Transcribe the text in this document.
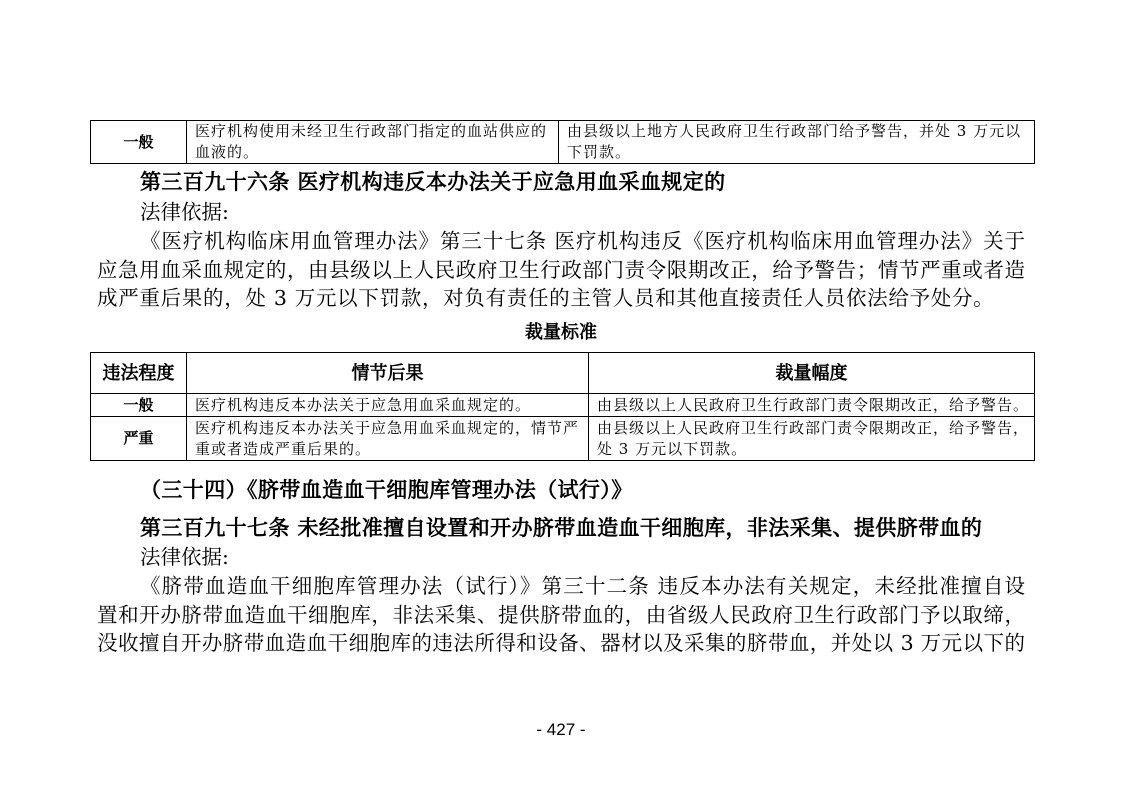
一般	医疗机构使用未经卫生行政部门指定的血站供应的血液的。	由县级以上地方人民政府卫生行政部门给予警告，并处 3 万元以下罚款。
第三百九十六条 医疗机构违反本办法关于应急用血采血规定的
法律依据:
《医疗机构临床用血管理办法》第三十七条 医疗机构违反《医疗机构临床用血管理办法》关于
应急用血采血规定的，由县级以上人民政府卫生行政部门责令限期改正，给予警告；情节严重或者造
成严重后果的，处 3 万元以下罚款，对负有责任的主管人员和其他直接责任人员依法给予处分。
裁量标准
违法程度	情节后果	裁量幅度
一般	医疗机构违反本办法关于应急用血采血规定的。	由县级以上人民政府卫生行政部门责令限期改正，给予警告。
严重	医疗机构违反本办法关于应急用血采血规定的，情节严重或者造成严重后果的。	由县级以上人民政府卫生行政部门责令限期改正，给予警告，处 3 万元以下罚款。
（三十四）《脐带血造血干细胞库管理办法（试行）》
第三百九十七条 未经批准擅自设置和开办脐带血造血干细胞库，非法采集、提供脐带血的
法律依据:
《脐带血造血干细胞库管理办法（试行）》第三十二条 违反本办法有关规定，未经批准擅自设
置和开办脐带血造血干细胞库，非法采集、提供脐带血的，由省级人民政府卫生行政部门予以取缔，
没收擅自开办脐带血造血干细胞库的违法所得和设备、器材以及采集的脐带血，并处以 3 万元以下的
- 427 -
